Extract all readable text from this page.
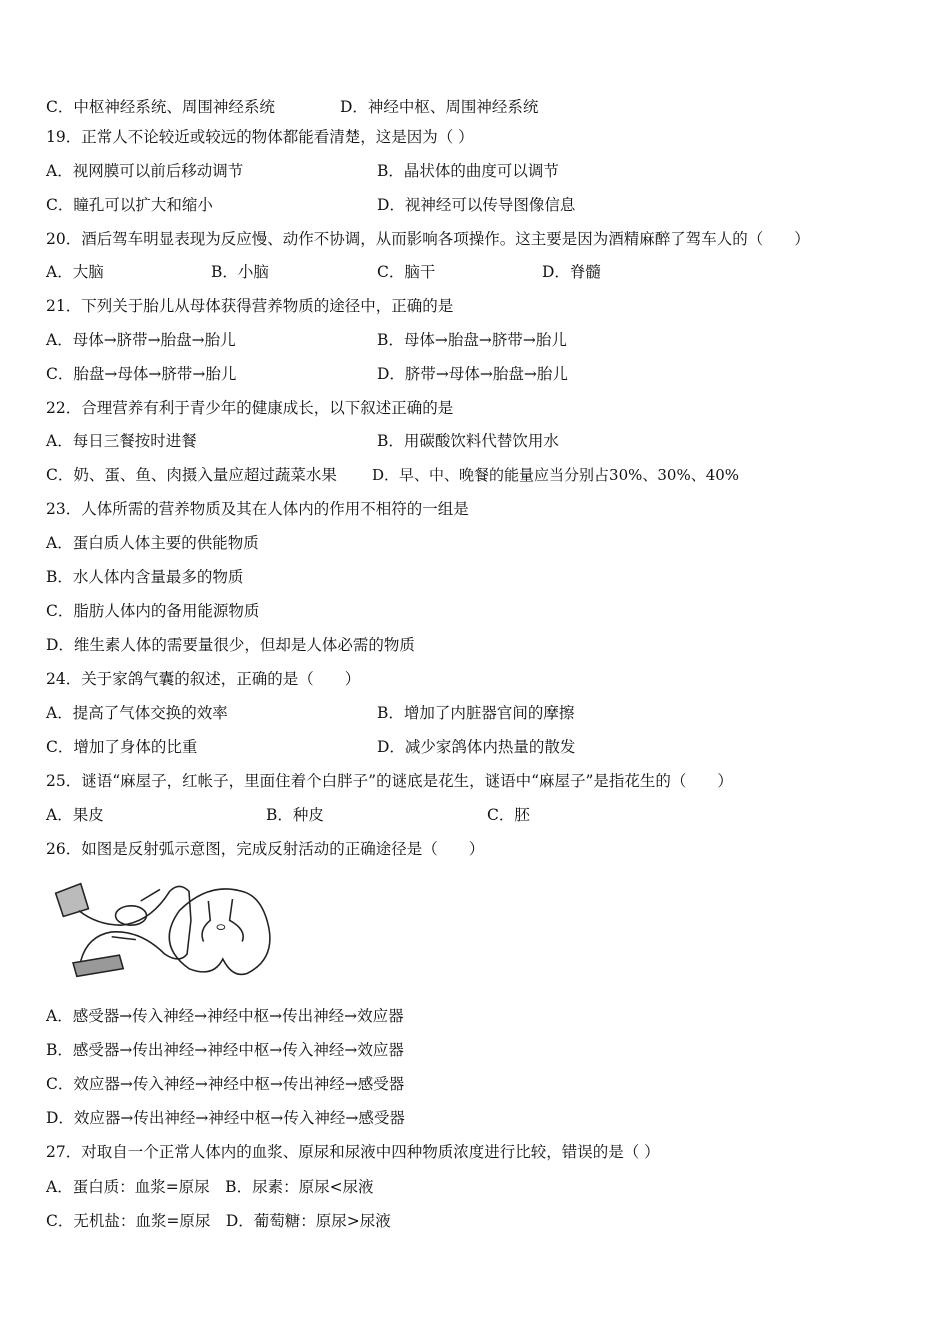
C．中枢神经系统、周围神经系统	D．神经中枢、周围神经系统
19．正常人不论较近或较远的物体都能看清楚，这是因为（ ）
A．视网膜可以前后移动调节	B．晶状体的曲度可以调节
C．瞳孔可以扩大和缩小	D．视神经可以传导图像信息
20．酒后驾车明显表现为反应慢、动作不协调，从而影响各项操作。这主要是因为酒精麻醉了驾车人的（　　）
A．大脑	B．小脑	C．脑干	D．脊髓
21．下列关于胎儿从母体获得营养物质的途径中，正确的是
A．母体→脐带→胎盘→胎儿	B．母体→胎盘→脐带→胎儿
C．胎盘→母体→脐带→胎儿	D．脐带→母体→胎盘→胎儿
22．合理营养有利于青少年的健康成长，以下叙述正确的是
A．每日三餐按时进餐	B．用碳酸饮料代替饮用水
C．奶、蛋、鱼、肉摄入量应超过蔬菜水果 D．早、中、晚餐的能量应当分别占30%、30%、40%
23．人体所需的营养物质及其在人体内的作用不相符的一组是
A．蛋白质人体主要的供能物质
B．水人体内含量最多的物质
C．脂肪人体内的备用能源物质
D．维生素人体的需要量很少，但却是人体必需的物质
24．关于家鸽气囊的叙述，正确的是（　　）
A．提高了气体交换的效率	B．增加了内脏器官间的摩擦
C．增加了身体的比重	D．减少家鸽体内热量的散发
25．谜语“麻屋子，红帐子，里面住着个白胖子”的谜底是花生，谜语中“麻屋子”是指花生的（　　）
A．果皮	B．种皮	C．胚
26．如图是反射弧示意图，完成反射活动的正确途径是（　　）
A．感受器→传入神经→神经中枢→传出神经→效应器
B．感受器→传出神经→神经中枢→传入神经→效应器
C．效应器→传入神经→神经中枢→传出神经→感受器
D．效应器→传出神经→神经中枢→传入神经→感受器
27．对取自一个正常人体内的血浆、原尿和尿液中四种物质浓度进行比较，错误的是（ ）
A．蛋白质：血浆=原尿　B．尿素：原尿<尿液
C．无机盐：血浆=原尿　D．葡萄糖：原尿>尿液
